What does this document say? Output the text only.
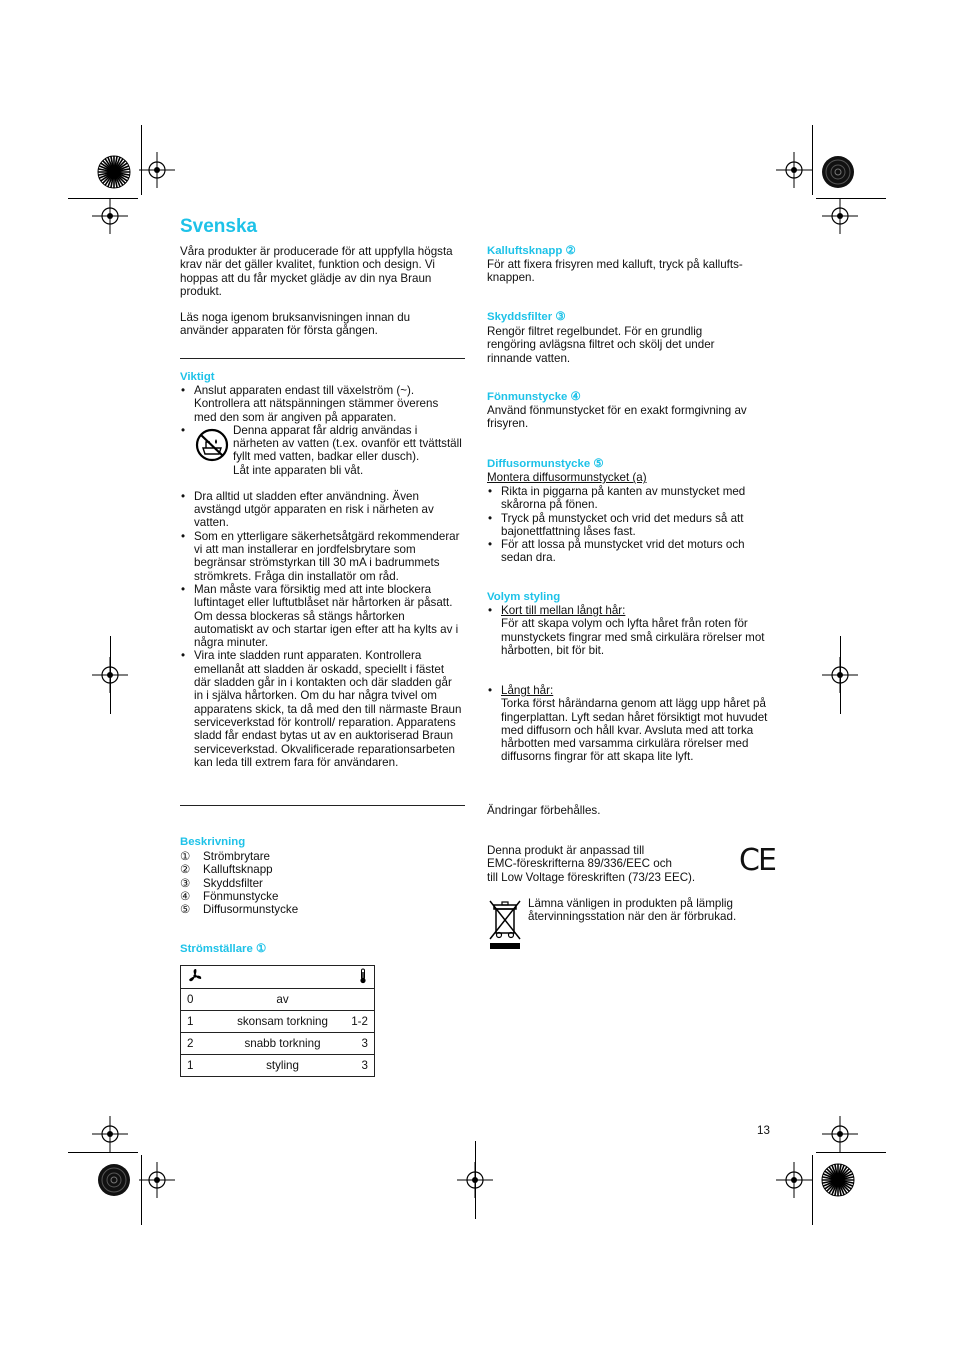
Svenska
Våra produkter är producerade för att uppfylla högsta krav när det gäller kvalitet, funktion och design. Vi hoppas att du får mycket glädje av din nya Braun produkt.
Läs noga igenom bruksanvisningen innan du använder apparaten för första gången.
Viktigt
• Anslut apparaten endast till växelström (~). Kontrollera att nätspänningen stämmer överens med den som är angiven på apparaten.
• Denna apparat får aldrig användas i närheten av vatten (t.ex. ovanför ett tvättställ fyllt med vatten, badkar eller dusch).
Låt inte apparaten bli våt.
• Dra alltid ut sladden efter användning. Även avstängd utgör apparaten en risk i närheten av vatten.
• Som en ytterligare säkerhetsåtgärd rekommenderar vi att man installerar en jordfelsbrytare som begränsar strömstyrkan till 30 mA i badrummets strömkrets. Fråga din installatör om råd.
• Man måste vara försiktig med att inte blockera luftintaget eller luftutblåset när hårtorken är påsatt. Om dessa blockeras så stängs hårtorken automatiskt av och startar igen efter att ha kylts av i några minuter.
• Vira inte sladden runt apparaten. Kontrollera emellanåt att sladden är oskadd, speciellt i fästet där sladden går in i kontakten och där sladden går in i själva hårtorken. Om du har några tvivel om apparatens skick, ta då med den till närmaste Braun serviceverkstad för kontroll/ reparation. Apparatens sladd får endast bytas ut av en auktoriserad Braun serviceverkstad. Okvalificerade reparationsarbeten kan leda till extrem fara för användaren.
Beskrivning
① Strömbrytare
② Kalluftsknapp
③ Skyddsfilter
④ Fönmunstycke
⑤ Diffusormunstycke
Strömställare ①

0	av	
1	skonsam torkning	1-2
2	snabb torkning	3
1	styling	3
Kalluftsknapp ②
För att fixera frisyren med kalluft, tryck på kalluftsknappen.
Skyddsfilter ③
Rengör filtret regelbundet. För en grundlig rengöring avlägsna filtret och skölj det under rinnande vatten.
Fönmunstycke ④
Använd fönmunstycket för en exakt formgivning av frisyren.
Diffusormunstycke ⑤
Montera diffusormunstycket (a)
• Rikta in piggarna på kanten av munstycket med skårorna på fönen.
• Tryck på munstycket och vrid det medurs så att bajonettfattning låses fast.
• För att lossa på munstycket vrid det moturs och sedan dra.
Volym styling
• Kort till mellan långt hår:
För att skapa volym och lyfta håret från roten för munstyckets fingrar med små cirkulära rörelser mot hårbotten, bit för bit.
• Långt hår:
Torka först hårändarna genom att lägg upp håret på fingerplattan. Lyft sedan håret försiktigt mot huvudet med diffusorn och håll kvar. Avsluta med att torka hårbotten med varsamma cirkulära rörelser med diffusorns fingrar för att skapa lite lyft.
Ändringar förbehålles.
Denna produkt är anpassad till
EMC-föreskrifterna 89/336/EEC och
till Low Voltage föreskriften (73/23 EEC).	CE
Lämna vänligen in produkten på lämplig återvinningsstation när den är förbrukad.
13
